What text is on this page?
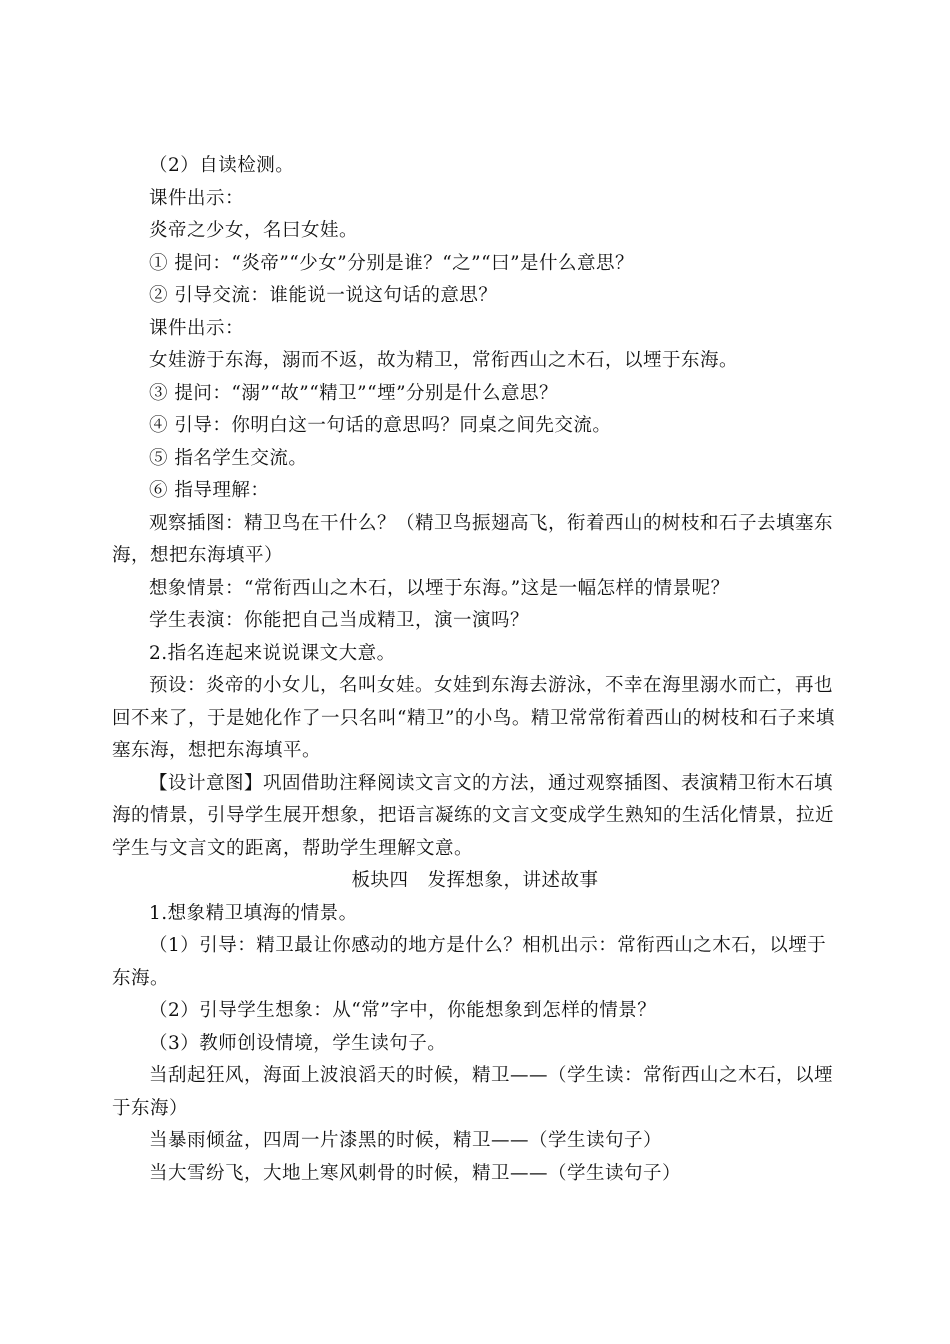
（2）自读检测。

课件出示：

炎帝之少女，名曰女娃。

① 提问：“炎帝”“少女”分别是谁？“之”“曰”是什么意思？

② 引导交流：谁能说一说这句话的意思？

课件出示：

女娃游于东海，溺而不返，故为精卫，常衔西山之木石，以堙于东海。

③ 提问：“溺”“故”“精卫”“堙”分别是什么意思？

④ 引导：你明白这一句话的意思吗？同桌之间先交流。

⑤ 指名学生交流。

⑥ 指导理解：

观察插图：精卫鸟在干什么？（精卫鸟振翅高飞，衔着西山的树枝和石子去填塞东海，想把东海填平）

想象情景：“常衔西山之木石，以堙于东海。”这是一幅怎样的情景呢？

学生表演：你能把自己当成精卫，演一演吗？

2.指名连起来说说课文大意。

预设：炎帝的小女儿，名叫女娃。女娃到东海去游泳，不幸在海里溺水而亡，再也回不来了，于是她化作了一只名叫“精卫”的小鸟。精卫常常衔着西山的树枝和石子来填塞东海，想把东海填平。

【设计意图】巩固借助注释阅读文言文的方法，通过观察插图、表演精卫衔木石填海的情景，引导学生展开想象，把语言凝练的文言文变成学生熟知的生活化情景，拉近学生与文言文的距离，帮助学生理解文意。

板块四　发挥想象，讲述故事

1.想象精卫填海的情景。

（1）引导：精卫最让你感动的地方是什么？相机出示：常衔西山之木石，以堙于东海。

（2）引导学生想象：从“常”字中，你能想象到怎样的情景？

（3）教师创设情境，学生读句子。

当刮起狂风，海面上波浪滔天的时候，精卫——（学生读：常衔西山之木石，以堙于东海）

当暴雨倾盆，四周一片漆黑的时候，精卫——（学生读句子）

当大雪纷飞，大地上寒风刺骨的时候，精卫——（学生读句子）
